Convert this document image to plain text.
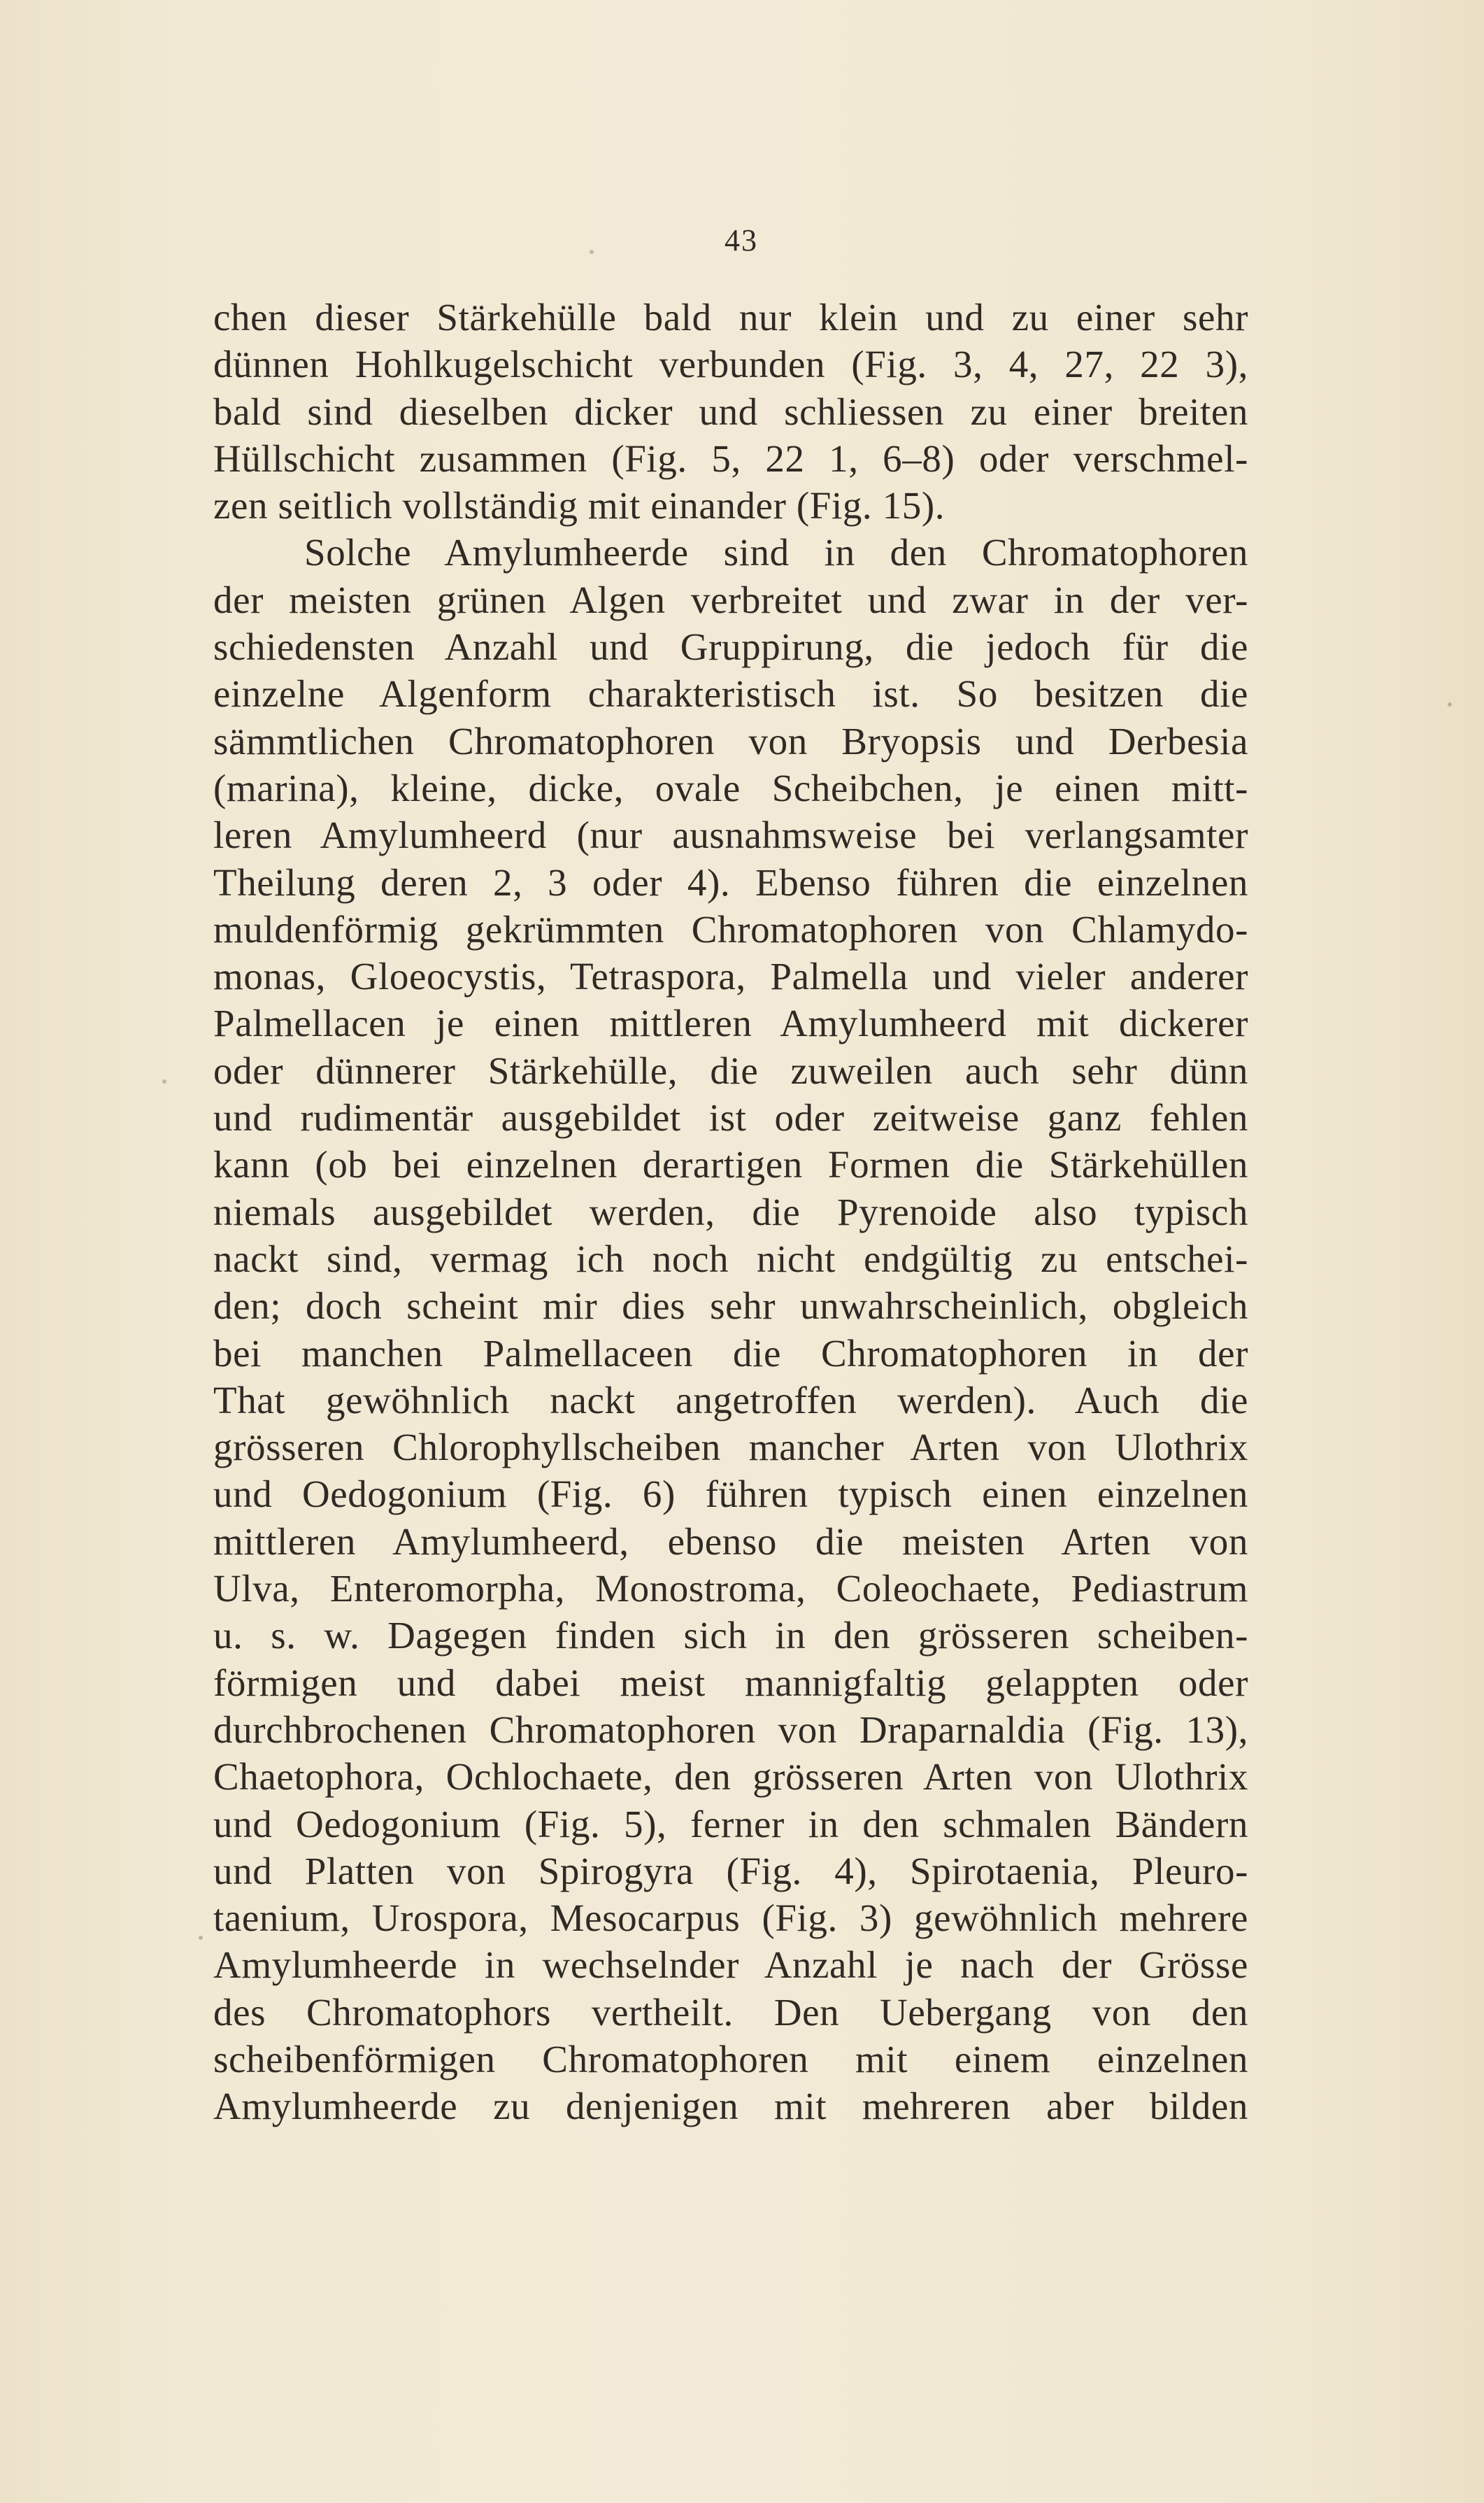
43
chen dieser Stärkehülle bald nur klein und zu einer sehr
dünnen Hohlkugelschicht verbunden (Fig. 3, 4, 27, 22 3),
bald sind dieselben dicker und schliessen zu einer breiten
Hüllschicht zusammen (Fig. 5, 22 1, 6–8) oder verschmel-
zen seitlich vollständig mit einander (Fig. 15).
Solche Amylumheerde sind in den Chromatophoren
der meisten grünen Algen verbreitet und zwar in der ver-
schiedensten Anzahl und Gruppirung, die jedoch für die
einzelne Algenform charakteristisch ist. So besitzen die
sämmtlichen Chromatophoren von Bryopsis und Derbesia
(marina), kleine, dicke, ovale Scheibchen, je einen mitt-
leren Amylumheerd (nur ausnahmsweise bei verlangsamter
Theilung deren 2, 3 oder 4). Ebenso führen die einzelnen
muldenförmig gekrümmten Chromatophoren von Chlamydo-
monas, Gloeocystis, Tetraspora, Palmella und vieler anderer
Palmellacen je einen mittleren Amylumheerd mit dickerer
oder dünnerer Stärkehülle, die zuweilen auch sehr dünn
und rudimentär ausgebildet ist oder zeitweise ganz fehlen
kann (ob bei einzelnen derartigen Formen die Stärkehüllen
niemals ausgebildet werden, die Pyrenoide also typisch
nackt sind, vermag ich noch nicht endgültig zu entschei-
den; doch scheint mir dies sehr unwahrscheinlich, obgleich
bei manchen Palmellaceen die Chromatophoren in der
That gewöhnlich nackt angetroffen werden). Auch die
grösseren Chlorophyllscheiben mancher Arten von Ulothrix
und Oedogonium (Fig. 6) führen typisch einen einzelnen
mittleren Amylumheerd, ebenso die meisten Arten von
Ulva, Enteromorpha, Monostroma, Coleochaete, Pediastrum
u. s. w. Dagegen finden sich in den grösseren scheiben-
förmigen und dabei meist mannigfaltig gelappten oder
durchbrochenen Chromatophoren von Draparnaldia (Fig. 13),
Chaetophora, Ochlochaete, den grösseren Arten von Ulothrix
und Oedogonium (Fig. 5), ferner in den schmalen Bändern
und Platten von Spirogyra (Fig. 4), Spirotaenia, Pleuro-
taenium, Urospora, Mesocarpus (Fig. 3) gewöhnlich mehrere
Amylumheerde in wechselnder Anzahl je nach der Grösse
des Chromatophors vertheilt. Den Uebergang von den
scheibenförmigen Chromatophoren mit einem einzelnen
Amylumheerde zu denjenigen mit mehreren aber bilden
